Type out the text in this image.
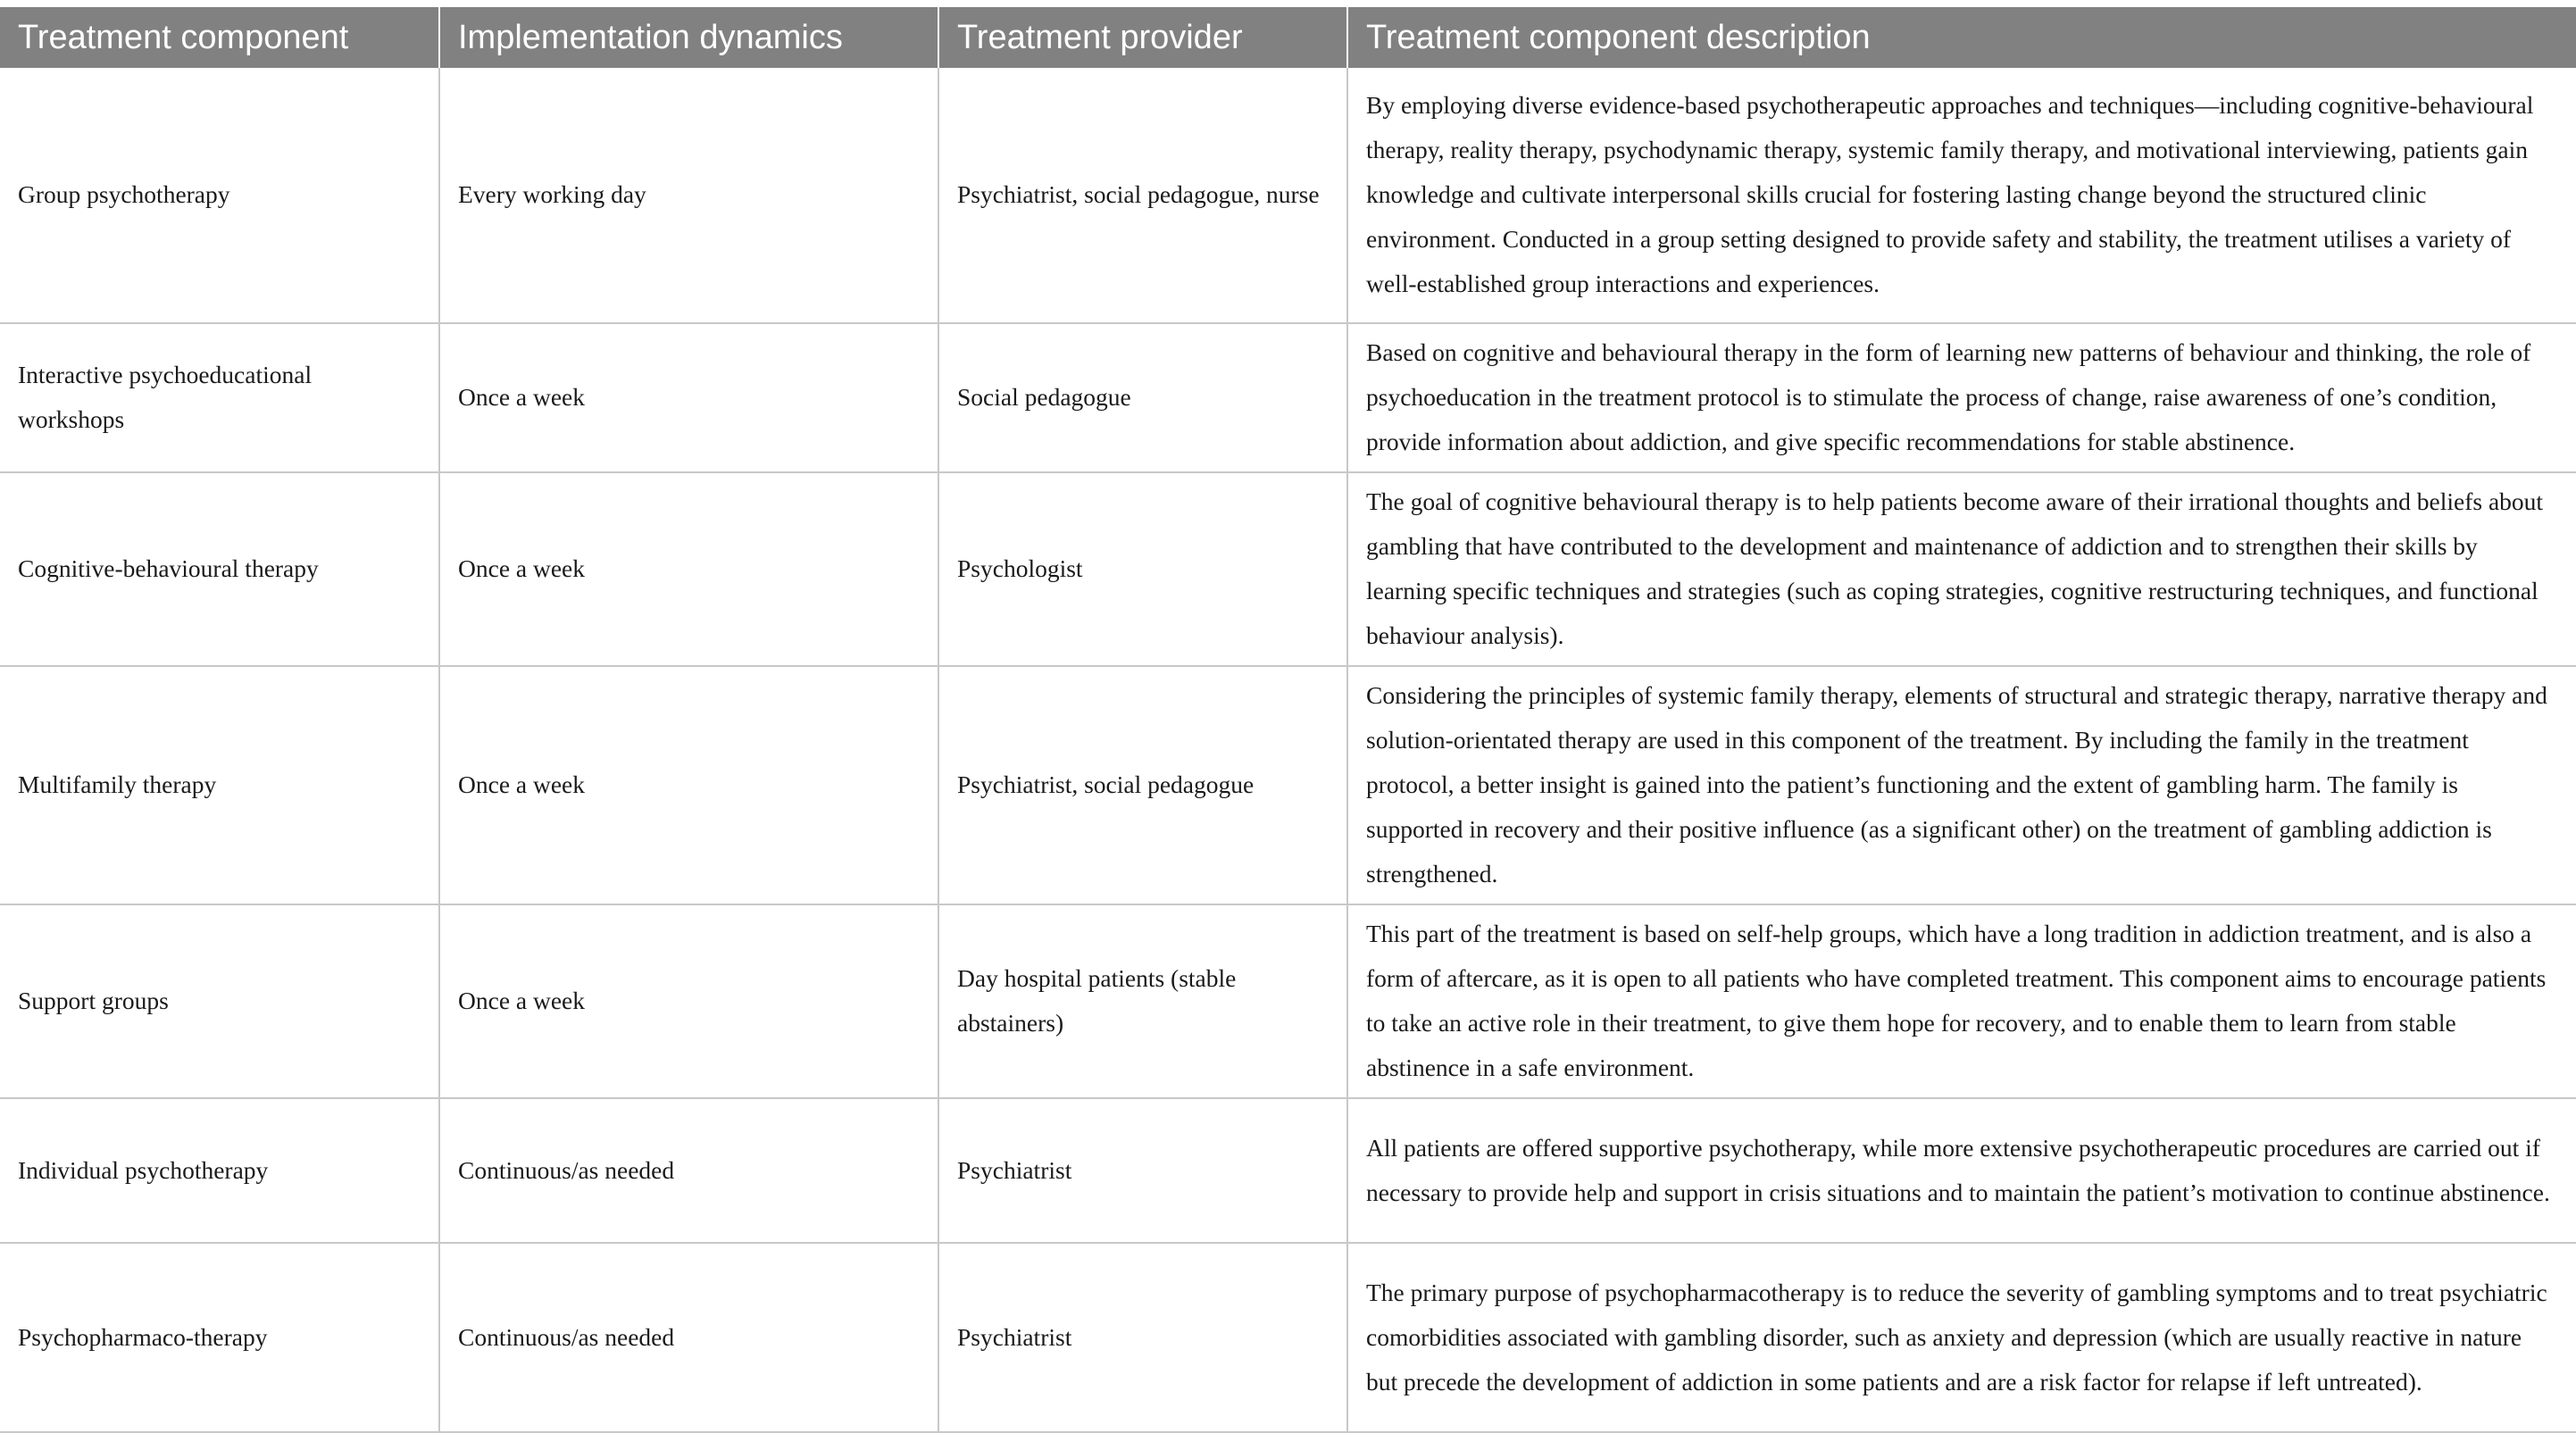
Treatment component	Implementation dynamics	Treatment provider	Treatment component description
Group psychotherapy	Every working day	Psychiatrist, social pedagogue, nurse	By employing diverse evidence-based psychotherapeutic approaches and techniques—including cognitive-behavioural therapy, reality therapy, psychodynamic therapy, systemic family therapy, and motivational interviewing, patients gain knowledge and cultivate interpersonal skills crucial for fostering lasting change beyond the structured clinic environment. Conducted in a group setting designed to provide safety and stability, the treatment utilises a variety of well-established group interactions and experiences.
Interactive psychoeducational workshops	Once a week	Social pedagogue	Based on cognitive and behavioural therapy in the form of learning new patterns of behaviour and thinking, the role of psychoeducation in the treatment protocol is to stimulate the process of change, raise awareness of one’s condition, provide information about addiction, and give specific recommendations for stable abstinence.
Cognitive-behavioural therapy	Once a week	Psychologist	The goal of cognitive behavioural therapy is to help patients become aware of their irrational thoughts and beliefs about gambling that have contributed to the development and maintenance of addiction and to strengthen their skills by learning specific techniques and strategies (such as coping strategies, cognitive restructuring techniques, and functional behaviour analysis).
Multifamily therapy	Once a week	Psychiatrist, social pedagogue	Considering the principles of systemic family therapy, elements of structural and strategic therapy, narrative therapy and solution-orientated therapy are used in this component of the treatment. By including the family in the treatment protocol, a better insight is gained into the patient’s functioning and the extent of gambling harm. The family is supported in recovery and their positive influence (as a significant other) on the treatment of gambling addiction is strengthened.
Support groups	Once a week	Day hospital patients (stable abstainers)	This part of the treatment is based on self-help groups, which have a long tradition in addiction treatment, and is also a form of aftercare, as it is open to all patients who have completed treatment. This component aims to encourage patients to take an active role in their treatment, to give them hope for recovery, and to enable them to learn from stable abstinence in a safe environment.
Individual psychotherapy	Continuous/as needed	Psychiatrist	All patients are offered supportive psychotherapy, while more extensive psychotherapeutic procedures are carried out if necessary to provide help and support in crisis situations and to maintain the patient’s motivation to continue abstinence.
Psychopharmaco-therapy	Continuous/as needed	Psychiatrist	The primary purpose of psychopharmacotherapy is to reduce the severity of gambling symptoms and to treat psychiatric comorbidities associated with gambling disorder, such as anxiety and depression (which are usually reactive in nature but precede the development of addiction in some patients and are a risk factor for relapse if left untreated).
